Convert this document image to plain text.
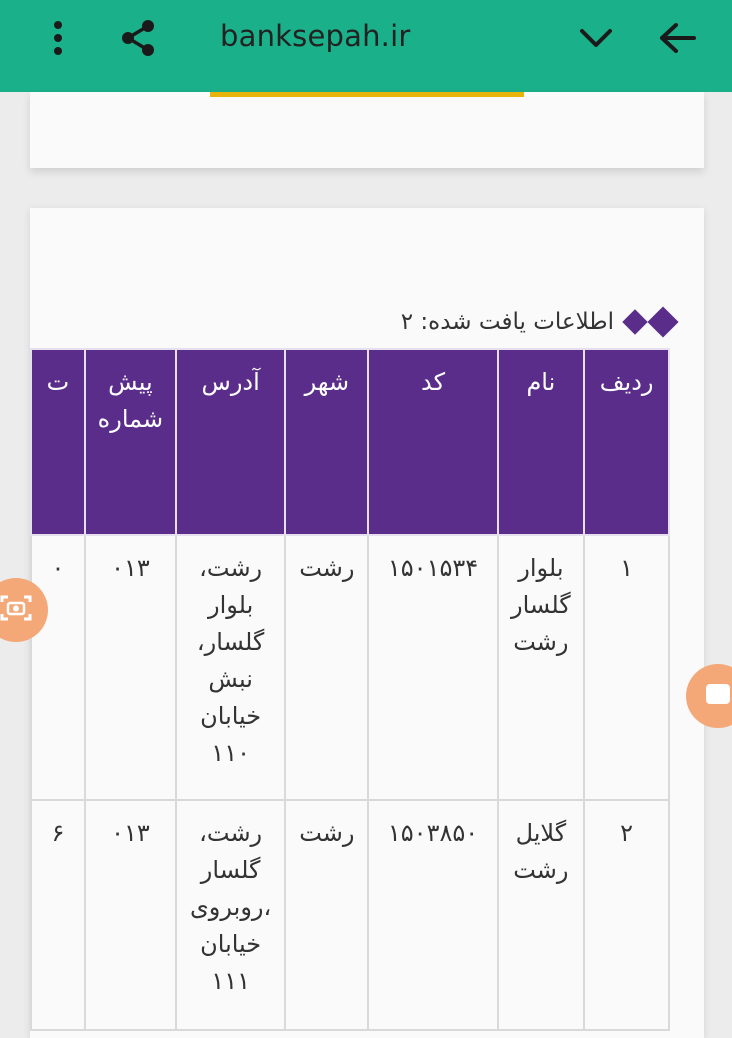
banksepah.ir
اطلاعات یافت شده: ۲
ردیف	نام	کد	شهر	آدرس	پیش شماره	ت
۱	بلوار گلسار رشت	۱۵۰۱۵۳۴	رشت	رشت، بلوار گلسار، نبش خیابان ۱۱۰	۰۱۳	۰
۲	گلایل رشت	۱۵۰۳۸۵۰	رشت	رشت، گلسار ،روبروی خیابان ۱۱۱	۰۱۳	۶
